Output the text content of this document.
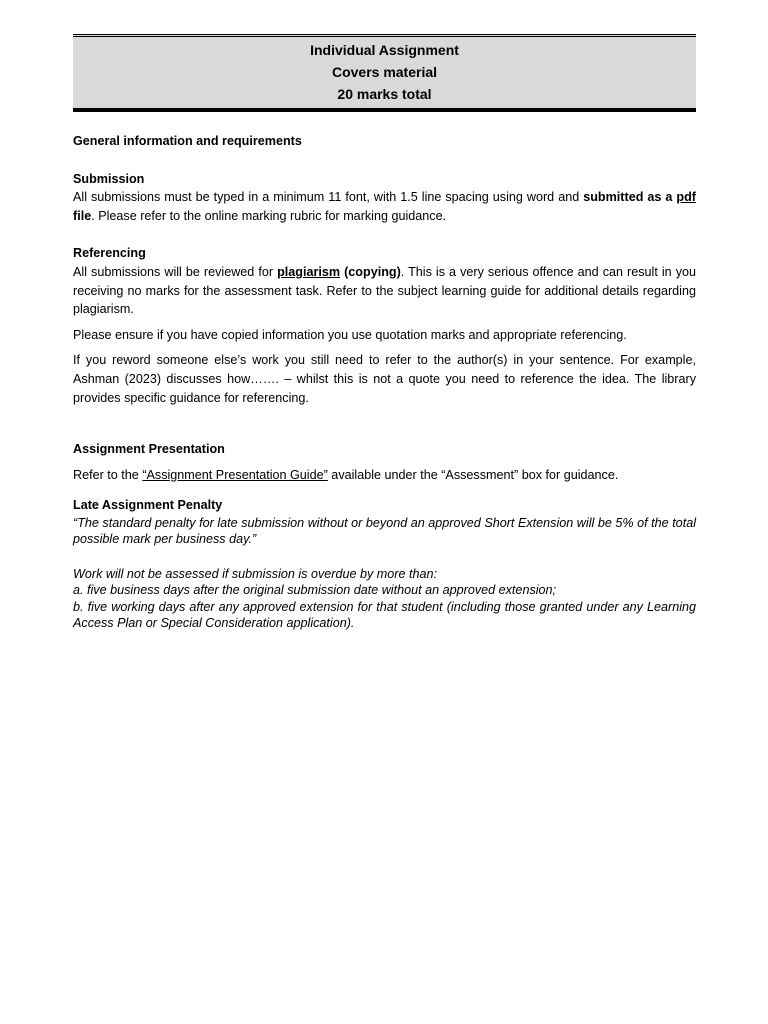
Individual Assignment
Covers material
20 marks total
General information and requirements
Submission

All submissions must be typed in a minimum 11 font, with 1.5 line spacing using word and submitted as a pdf file. Please refer to the online marking rubric for marking guidance.

Referencing

All submissions will be reviewed for plagiarism (copying). This is a very serious offence and can result in you receiving no marks for the assessment task. Refer to the subject learning guide for additional details regarding plagiarism.

Please ensure if you have copied information you use quotation marks and appropriate referencing.

If you reword someone else’s work you still need to refer to the author(s) in your sentence. For example, Ashman (2023) discusses how……. – whilst this is not a quote you need to reference the idea. The library provides specific guidance for referencing.

Assignment Presentation

Refer to the “Assignment Presentation Guide” available under the “Assessment” box for guidance.

Late Assignment Penalty

“The standard penalty for late submission without or beyond an approved Short Extension will be 5% of the total possible mark per business day.”

Work will not be assessed if submission is overdue by more than:

a. five business days after the original submission date without an approved extension;

b. five working days after any approved extension for that student (including those granted under any Learning Access Plan or Special Consideration application).
